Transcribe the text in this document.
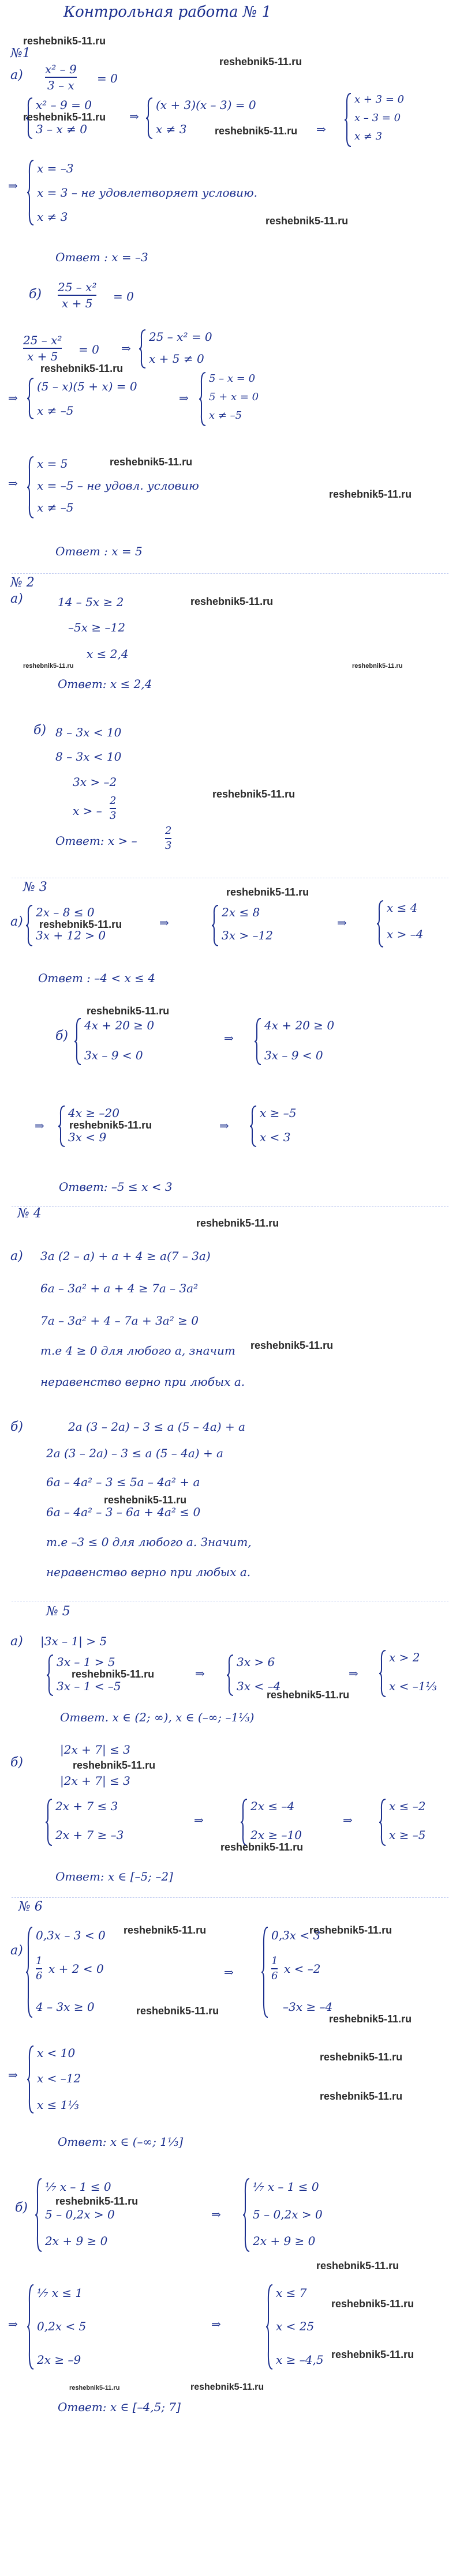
Контрольная работа № 1
№1
reshebnik5-11.ru
reshebnik5-11.ru
а) x² – 9
3 – x = 0
x² – 9 = 0
3 – x ≠ 0
reshebnik5-11.ru ⇒
(x + 3)(x – 3) = 0
x ≠ 3	reshebnik5-11.ru ⇒
x + 3 = 0
x – 3 = 0
x ≠ 3
⇒
x = –3
x = 3 – не удовлетворяет условию.
x ≠ 3	reshebnik5-11.ru
Ответ : x = –3
б) 25 – x²
x + 5	= 0
25 – x²
x + 5	= 0 ⇒
25 – x² = 0
x + 5 ≠ 0
reshebnik5-11.ru
⇒
(5 – x)(5 + x) = 0
x ≠ –5
⇒
5 – x = 0
5 + x = 0
x ≠ –5
⇒
x = 5
x = –5 – не удовл. условию
x ≠ –5
reshebnik5-11.ru
reshebnik5-11.ru
Ответ : x = 5
№ 2
а)	14 – 5x ≥ 2	reshebnik5-11.ru
–5x ≥ –12
x ≤ 2,4
reshebnik5-11.ru	reshebnik5-11.ru
Ответ: x ≤ 2,4
б) 8 – 3x < 10
8 – 3x < 10
3x > –2
x > –
2
3
reshebnik5-11.ru
Ответ: x > –
2
3
№ 3	reshebnik5-11.ru
а)
2x – 8 ≤ 0
3x + 12 > 0
reshebnik5-11.ru	⇒
2x ≤ 8
3x > –12
⇒
x ≤ 4
x > –4
Ответ : –4 < x ≤ 4
б)
reshebnik5-11.ru
4x + 20 ≥ 0
3x – 9 < 0
⇒
4x + 20 ≥ 0
3x – 9 < 0
⇒
4x ≥ –20
3x < 9
reshebnik5-11.ru	⇒
x ≥ –5
x < 3
Ответ: –5 ≤ x < 3
№ 4
reshebnik5-11.ru
а) 3a (2 – a) + a + 4 ≥ a(7 – 3a)
6a – 3a² + a + 4 ≥ 7a – 3a²
7a – 3a² + 4 – 7a + 3a² ≥ 0
т.е 4 ≥ 0 для любого a, значит
неравенство верно при любых a.
reshebnik5-11.ru
б)	2a (3 – 2a) – 3 ≤ a (5 – 4a) + a
2a (3 – 2a) – 3 ≤ a (5 – 4a) + a
6a – 4a² – 3 ≤ 5a – 4a² + a
reshebnik5-11.ru
6a – 4a² – 3 – 6a + 4a² ≤ 0
т.е –3 ≤ 0 для любого a. Значит,
неравенство верно при любых a.
№ 5
а) |3x – 1| > 5
3x – 1 > 5
3x – 1 < –5
reshebnik5-11.ru	⇒
3x > 6
3x < –4
⇒
x > 2
x < –1⅓
reshebnik5-11.ru
Ответ. x ∈ (2; ∞), x ∈ (–∞; –1⅓)
б)
|2x + 7| ≤ 3
reshebnik5-11.ru
|2x + 7| ≤ 3
2x + 7 ≤ 3
2x + 7 ≥ –3
⇒
2x ≤ –4
2x ≥ –10
reshebnik5-11.ru
⇒
x ≤ –2
x ≥ –5
Ответ: x ∈ [–5; –2]
№ 6
reshebnik5-11.ru	reshebnik5-11.ru
а)
0,3x – 3 < 0
1
6
x + 2 < 0
4 – 3x ≥ 0
⇒
0,3x < 3
1
6
x < –2
–3x ≥ –4
reshebnik5-11.ru
reshebnik5-11.ru
⇒
x < 10
x < –12
x ≤ 1⅓
reshebnik5-11.ru
reshebnik5-11.ru
Ответ: x ∈ (–∞; 1⅓]
б)
¹⁄₇ x – 1 ≤ 0
5 – 0,2x > 0
2x + 9 ≥ 0
reshebnik5-11.ru
⇒
¹⁄₇ x – 1 ≤ 0
5 – 0,2x > 0
2x + 9 ≥ 0
reshebnik5-11.ru
⇒
¹⁄₇ x ≤ 1
0,2x < 5
2x ≥ –9
⇒
x ≤ 7
x < 25
x ≥ –4,5
reshebnik5-11.ru
reshebnik5-11.ru
reshebnik5-11.ru	reshebnik5-11.ru
Ответ: x ∈ [–4,5; 7]
